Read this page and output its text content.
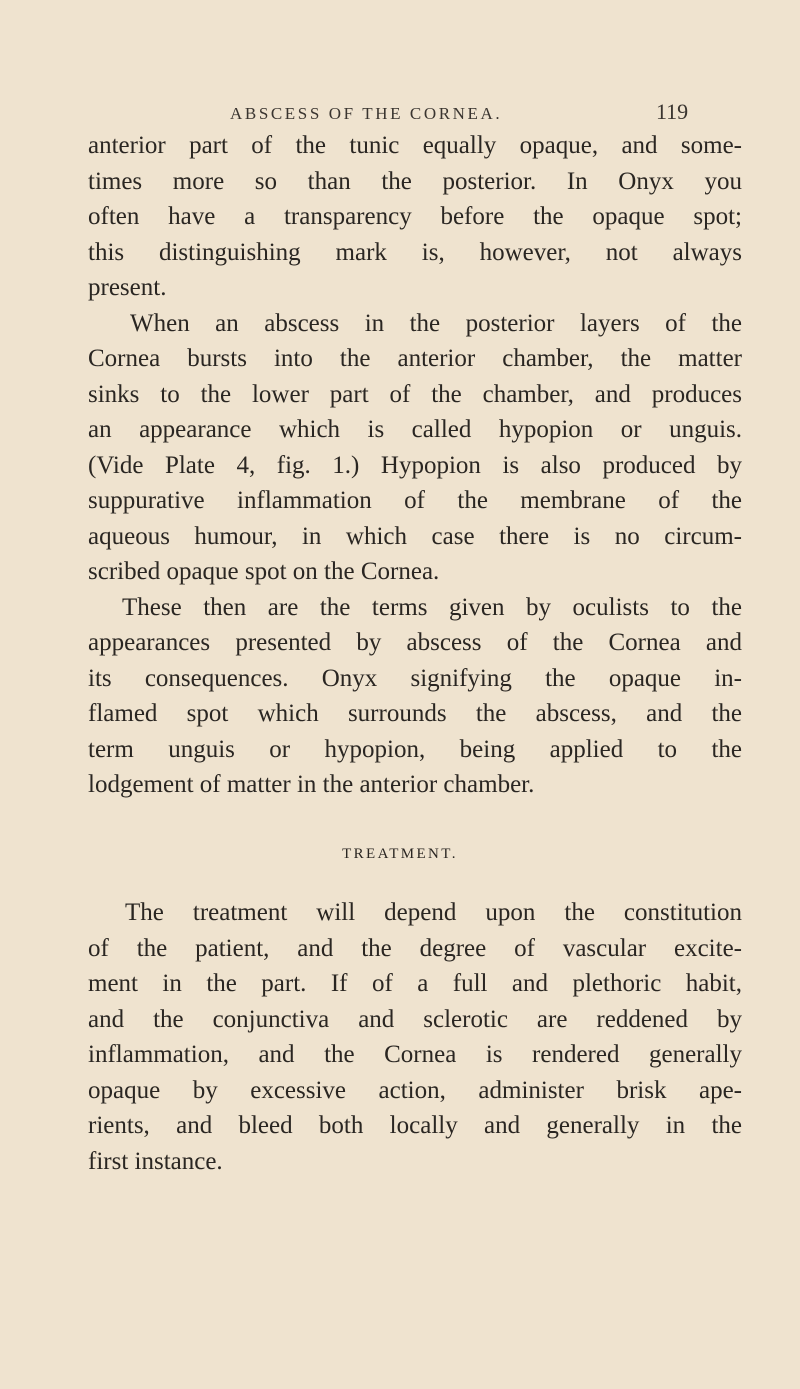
ABSCESS OF THE CORNEA.	119
anterior part of the tunic equally opaque, and some-
times more so than the posterior. In Onyx you
often have a transparency before the opaque spot;
this distinguishing mark is, however, not always
present.
When an abscess in the posterior layers of the
Cornea bursts into the anterior chamber, the matter
sinks to the lower part of the chamber, and produces
an appearance which is called hypopion or unguis.
(Vide Plate 4, fig. 1.) Hypopion is also produced by
suppurative inflammation of the membrane of the
aqueous humour, in which case there is no circum-
scribed opaque spot on the Cornea.
These then are the terms given by oculists to the
appearances presented by abscess of the Cornea and
its consequences. Onyx signifying the opaque in-
flamed spot which surrounds the abscess, and the
term unguis or hypopion, being applied to the
lodgement of matter in the anterior chamber.
TREATMENT.
The treatment will depend upon the constitution
of the patient, and the degree of vascular excite-
ment in the part. If of a full and plethoric habit,
and the conjunctiva and sclerotic are reddened by
inflammation, and the Cornea is rendered generally
opaque by excessive action, administer brisk ape-
rients, and bleed both locally and generally in the
first instance.
